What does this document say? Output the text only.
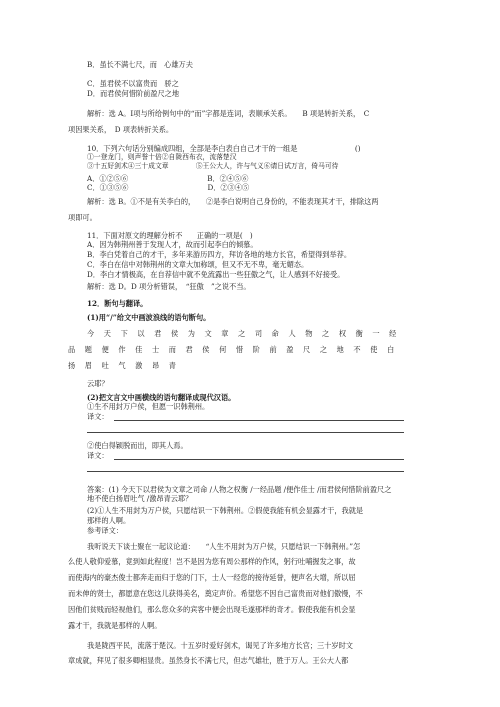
B．虽长不满七尺，而　心雄万夫
C．虽君侯不以富贵而　骄之
D．而君侯何惜阶前盈尺之地
解析：选 A。Ⅰ项与所给例句中的“而”字都是连词，表顺承关系。　　B 项是转折关系，　C
项因果关系，　D 项表转折关系。
10．下列六句话分别编成四组，全部是李白表白自己才干的一组是　　　　　　　　()
①一登龙门，则声誉十倍②自陇西布衣，流落楚汉
③十五好剑术④三十成文章　　　　⑤王公大人，许与气义⑥请日试万言，倚马可待
A．①②⑤⑥　　　　　　　　　　　B．②④⑤⑥
C．①③⑤⑥　　　　　　　　　　　D．②③④⑤
解析：选 B。①不是有关李白的，　　②是李白说明自己身份的，不能表现其才干，排除这两
项即可。
11．下面对原文的理解分析不　　正确的一项是(　)
A．因为韩荆州善于发现人才，故而引起李白的倾慕。
B．李白凭着自己的才干，多年来游历四方，拜访各地的地方长官，希望得到举荐。
C．李白在信中对韩荆州的文章大加称颂，但又不无不卑，毫无媚态。
D．李白才情极高，在自荐信中就不免流露出一些狂傲之气，让人感到不好接受。
解析：选 D。D 项分析错误，　“狂傲　”之说不当。
12．断句与翻译。
(1)用“/”给文中画波浪线的语句断句。
今天下以君侯为文章之司命人物之权衡一经
品题便作佳士而君侯何惜阶前盈尺之地不使白
扬眉吐气激昂青
云耶？
(2)把文言文中画横线的语句翻译成现代汉语。
①生不用封万户侯，但愿一识韩荆州。
译文：
②使白得颖脱而出，即其人焉。
译文：
答案：(1) 今天下以君侯为文章之司命 /人物之权衡 /一经品题 /便作佳士 /而君侯何惜阶前盈尺之
地不使白扬眉吐气 /激昂青云耶？
(2)①人生不用封为万户侯，只愿结识一下韩荆州。②假使我能有机会显露才干，我就是
那样的人啊。
参考译文：
我听说天下谈士聚在一起议论道：　　“人生不用封为万户侯，只愿结识一下韩荆州。”怎
么使人敬仰爱慕，竟到如此程度！岂不是因为您有周公那样的作风，躬行吐哺握发之事，故
而使海内的豪杰俊士都奔走而归于您的门下，士人一经您的接待延誉，便声名大增，所以屈
而未伸的贤士，都愿意在您这儿获得美名，奠定声价。希望您不因自己富贵而对他们傲慢，不
因他们贫贱而轻视他们，那么您众多的宾客中便会出现毛遂那样的奇才。假使我能有机会显
露才干，我就是那样的人啊。
我是陇西平民，流落于楚汉。十五岁时爱好剑术，谒见了许多地方长官；三十岁时文
章成就，拜见了很多卿相显贵。虽然身长不满七尺，但志气雄壮，胜于万人。王公大人都
